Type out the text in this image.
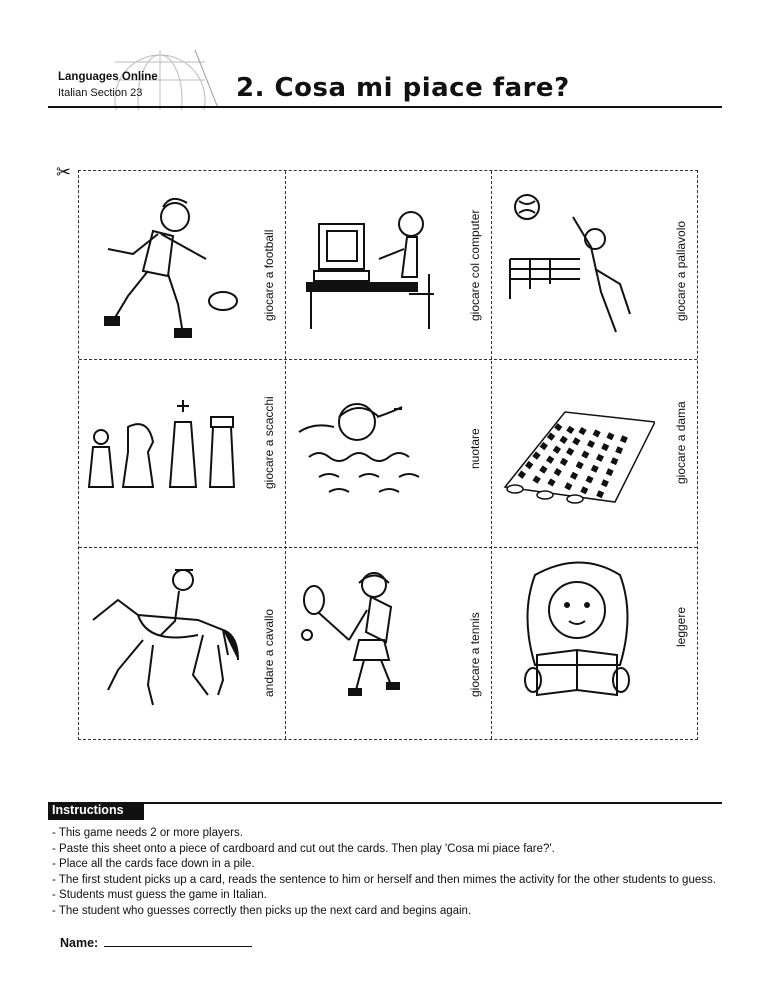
Languages Online
Italian Section 23	2. Cosa mi piace fare?
✂
giocare a football	giocare col computer	giocare a pallavolo
giocare a scacchi	nuotare	giocare a dama
andare a cavallo	giocare a tennis	leggere
Instructions
- This game needs 2 or more players.
- Paste this sheet onto a piece of cardboard and cut out the cards. Then play 'Cosa mi piace fare?'.
- Place all the cards face down in a pile.
- The first student picks up a card, reads the sentence to him or herself and then mimes the activity for the other students to guess.
- Students must guess the game in Italian.
- The student who guesses correctly then picks up the next card and begins again.
Name:
